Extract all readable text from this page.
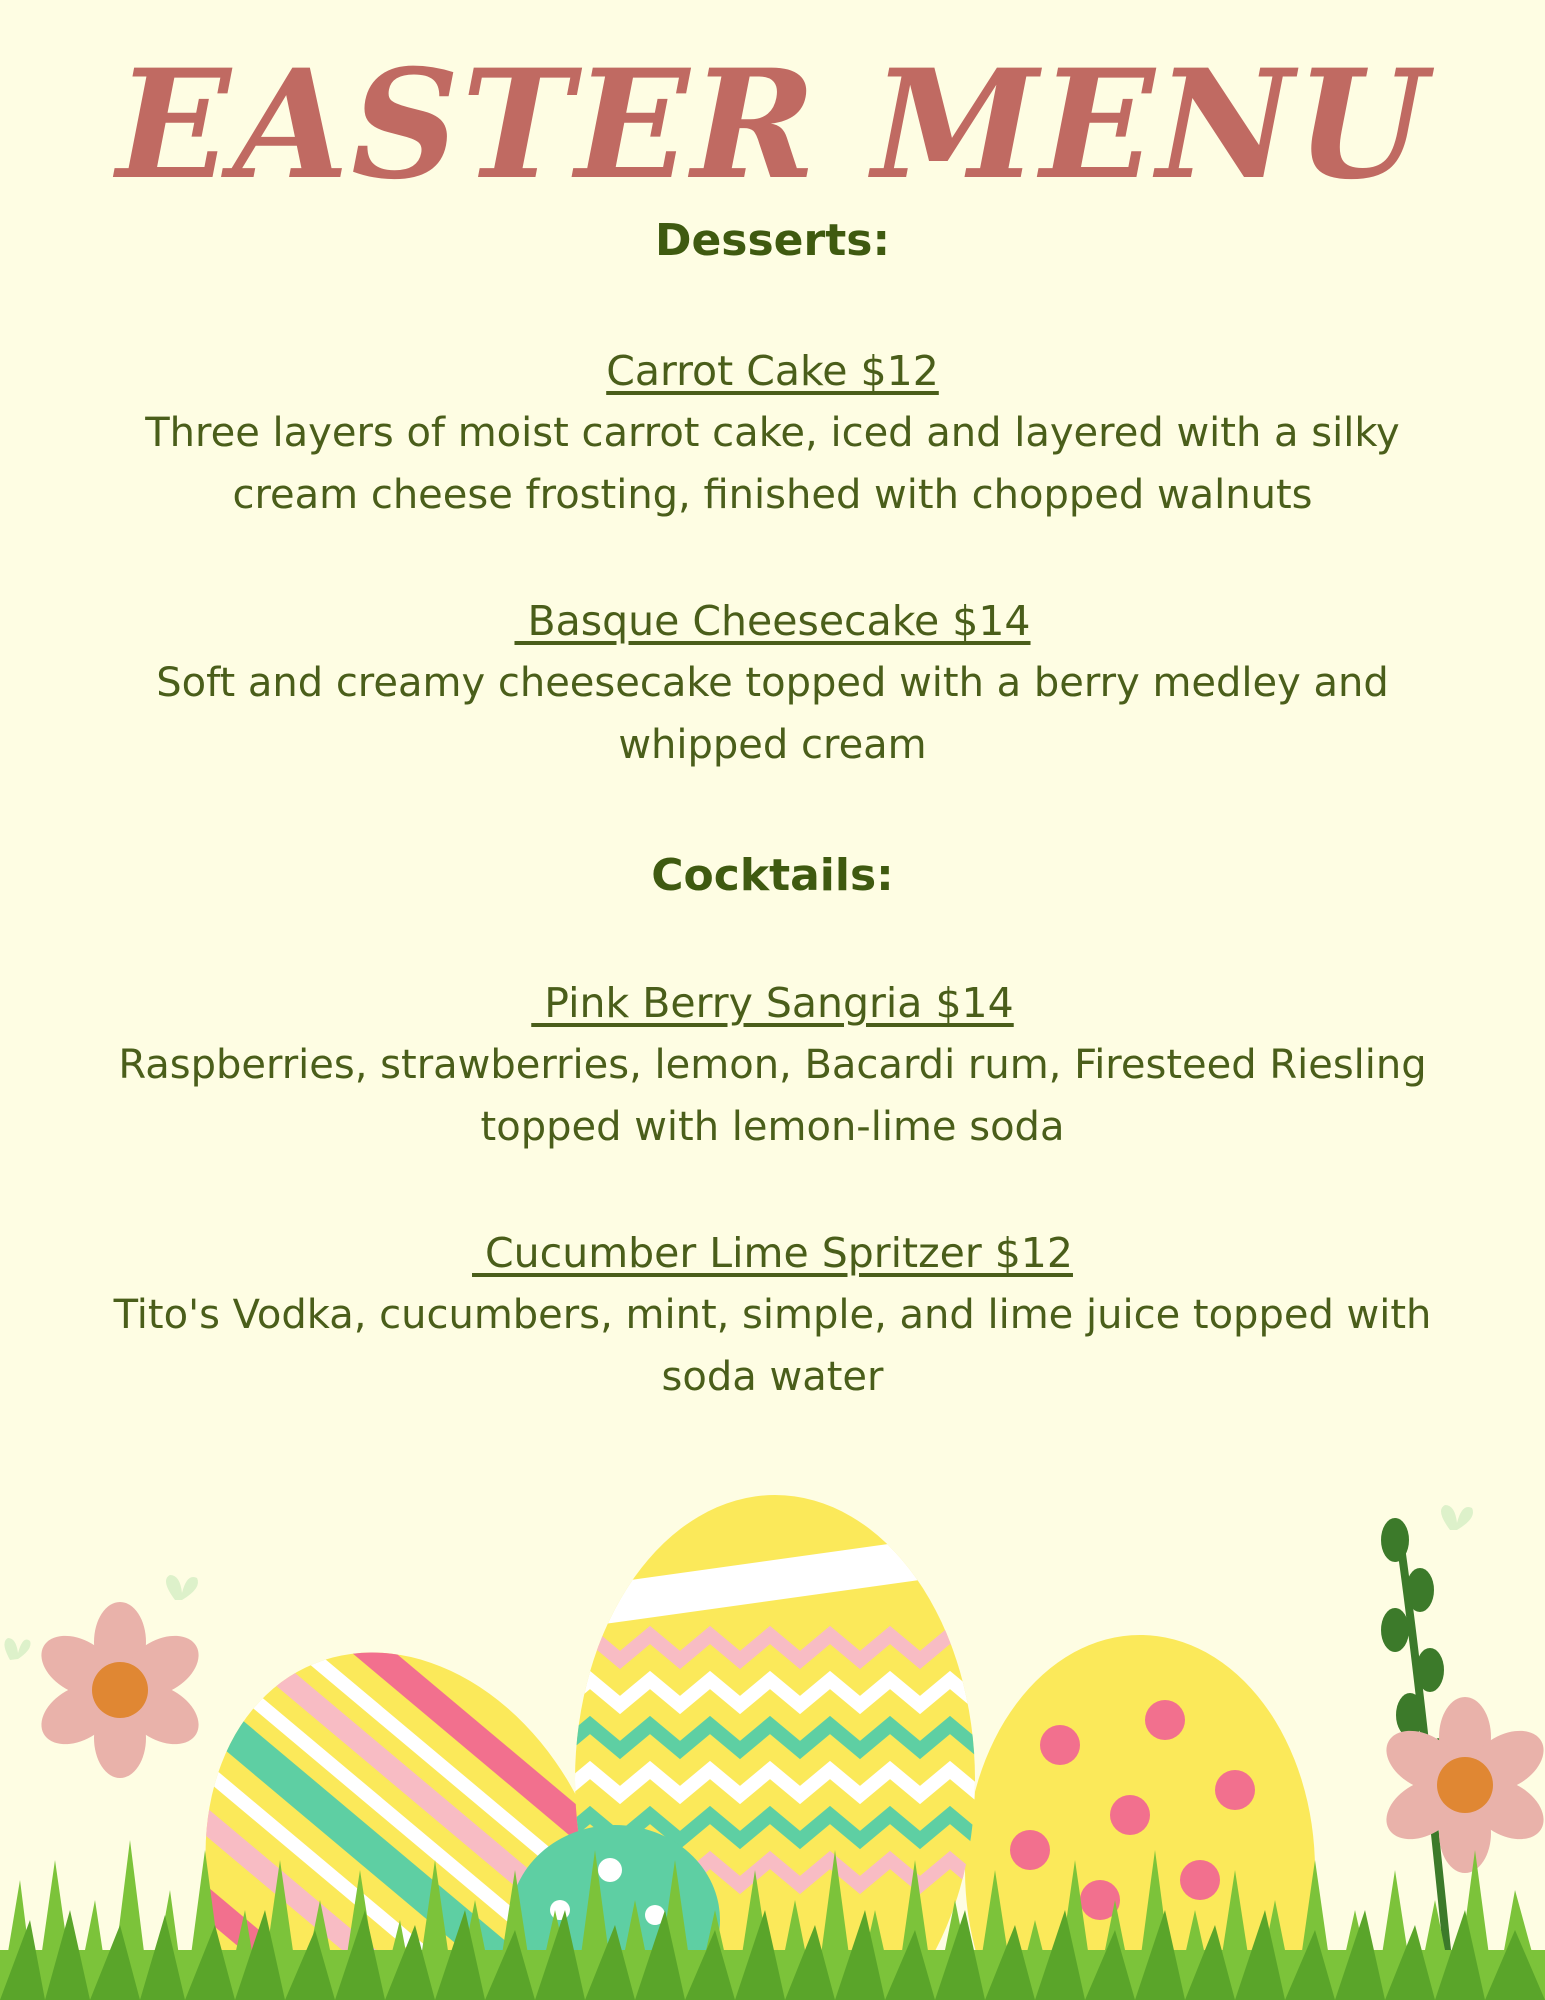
EASTER MENU
Desserts:
Carrot Cake $12
Three layers of moist carrot cake, iced and layered with a silky cream cheese frosting, finished with chopped walnuts
Basque Cheesecake $14
Soft and creamy cheesecake topped with a berry medley and whipped cream
Cocktails:
Pink Berry Sangria $14
Raspberries, strawberries, lemon, Bacardi rum, Firesteed Riesling topped with lemon-lime soda
Cucumber Lime Spritzer $12
Tito's Vodka, cucumbers, mint, simple, and lime juice topped with soda water
